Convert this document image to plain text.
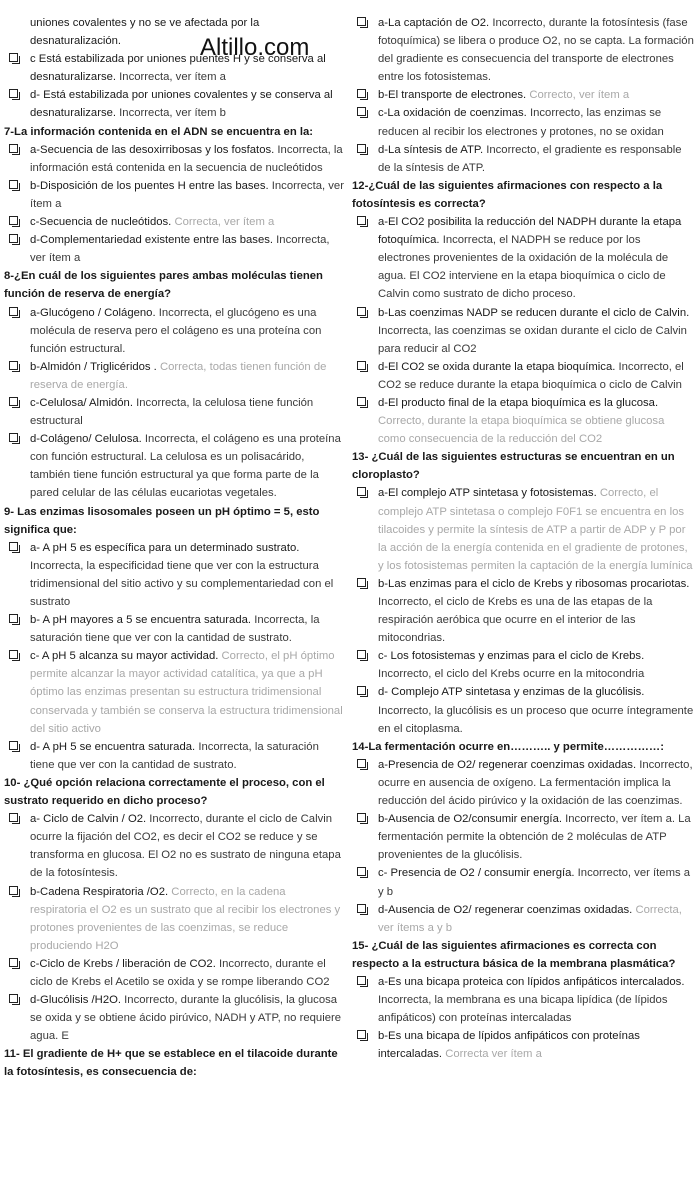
Altillo.com

uniones covalentes y no se ve afectada por la desnaturalización.

c Está estabilizada por uniones puentes H y se conserva al desnaturalizarse. Incorrecta, ver ítem a

d- Está estabilizada por uniones covalentes y se conserva al desnaturalizarse. Incorrecta, ver ítem b

7-La información contenida en el ADN se encuentra en la:

a-Secuencia de las desoxirribosas y los fosfatos. Incorrecta, la información está contenida en la secuencia de nucleótidos

b-Disposición de los puentes H entre las bases. Incorrecta, ver ítem a

c-Secuencia de nucleótidos. Correcta, ver ítem a

d-Complementariedad existente entre las bases. Incorrecta, ver ítem a

8-¿En cuál de los siguientes pares ambas moléculas tienen función de reserva de energía?

a-Glucógeno / Colágeno. Incorrecta, el glucógeno es una molécula de reserva pero el colágeno es una proteína con función estructural.

b-Almidón / Triglicéridos . Correcta, todas tienen función de reserva de energía.

c-Celulosa/ Almidón. Incorrecta, la celulosa tiene función estructural

d-Colágeno/ Celulosa. Incorrecta, el colágeno es una proteína con función estructural. La celulosa es un polisacárido, también tiene función estructural ya que forma parte de la pared celular de las células eucariotas vegetales.

9- Las enzimas lisosomales poseen un pH óptimo = 5, esto significa que:

a- A pH 5 es específica para un determinado sustrato. Incorrecta, la especificidad tiene que ver con la estructura tridimensional del sitio activo y su complementariedad con el sustrato

b- A pH mayores a 5 se encuentra saturada. Incorrecta, la saturación tiene que ver con la cantidad de sustrato.

c- A pH 5 alcanza su mayor actividad. Correcto, el pH óptimo permite alcanzar la mayor actividad catalítica, ya que a pH óptimo las enzimas presentan su estructura tridimensional conservada y también se conserva la estructura tridimensional del sitio activo

d- A pH 5 se encuentra saturada. Incorrecta, la saturación tiene que ver con la cantidad de sustrato.

10- ¿Qué opción relaciona correctamente el proceso, con el sustrato requerido en dicho proceso?

a- Ciclo de Calvin / O2. Incorrecto, durante el ciclo de Calvin ocurre la fijación del CO2, es decir el CO2 se reduce y se transforma en glucosa. El O2 no es sustrato de ninguna etapa de la fotosíntesis.

b-Cadena Respiratoria /O2. Correcto, en la cadena respiratoria el O2 es un sustrato que al recibir los electrones y protones provenientes de las coenzimas, se reduce produciendo H2O

c-Ciclo de Krebs / liberación de CO2. Incorrecto, durante el ciclo de Krebs el Acetilo se oxida y se rompe liberando CO2

d-Glucólisis /H2O. Incorrecto, durante la glucólisis, la glucosa se oxida y se obtiene ácido pirúvico, NADH y ATP, no requiere agua. E

11- El gradiente de H+ que se establece en el tilacoide durante la fotosíntesis, es consecuencia de:

a-La captación de O2. Incorrecto, durante la fotosíntesis (fase fotoquímica) se libera o produce O2, no se capta. La formación del gradiente es consecuencia del transporte de electrones entre los fotosistemas.

b-El transporte de electrones. Correcto, ver ítem a

c-La oxidación de coenzimas. Incorrecto, las enzimas se reducen al recibir los electrones y protones, no se oxidan

d-La síntesis de ATP. Incorrecto, el gradiente es responsable de la síntesis de ATP.

12-¿Cuál de las siguientes afirmaciones con respecto a la fotosíntesis es correcta?

a-El CO2 posibilita la reducción del NADPH durante la etapa fotoquímica. Incorrecta, el NADPH se reduce por los electrones provenientes de la oxidación de la molécula de agua. El CO2 interviene en la etapa bioquímica o ciclo de Calvin como sustrato de dicho proceso.

b-Las coenzimas NADP se reducen durante el ciclo de Calvin. Incorrecta, las coenzimas se oxidan durante el ciclo de Calvin para reducir al CO2

d-El CO2 se oxida durante la etapa bioquímica. Incorrecto, el CO2 se reduce durante la etapa bioquímica o ciclo de Calvin

d-El producto final de la etapa bioquímica es la glucosa. Correcto, durante la etapa bioquímica se obtiene glucosa como consecuencia de la reducción del CO2

13- ¿Cuál de las siguientes estructuras se encuentran en un cloroplasto?

a-El complejo ATP sintetasa y fotosistemas. Correcto, el complejo ATP sintetasa o complejo F0F1 se encuentra en los tilacoides y permite la síntesis de ATP a partir de ADP y P por la acción de la energía contenida en el gradiente de protones, y los fotosistemas permiten la captación de la energía lumínica

b-Las enzimas para el ciclo de Krebs y ribosomas procariotas. Incorrecto, el ciclo de Krebs es una de las etapas de la respiración aeróbica que ocurre en el interior de las mitocondrias.

c- Los fotosistemas y enzimas para el ciclo de Krebs. Incorrecto, el ciclo del Krebs ocurre en la mitocondria

d- Complejo ATP sintetasa y enzimas de la glucólisis. Incorrecto, la glucólisis es un proceso que ocurre íntegramente en el citoplasma.

14-La fermentación ocurre en……….. y permite……………:

a-Presencia de O2/ regenerar coenzimas oxidadas. Incorrecto, ocurre en ausencia de oxígeno. La fermentación implica la reducción del ácido pirúvico y la oxidación de las coenzimas.

b-Ausencia de O2/consumir energía. Incorrecto, ver ítem a. La fermentación permite la obtención de 2 moléculas de ATP provenientes de la glucólisis.

c- Presencia de O2 / consumir energía. Incorrecto, ver ítems a y b

d-Ausencia de O2/ regenerar coenzimas oxidadas. Correcta, ver ítems a y b

15- ¿Cuál de las siguientes afirmaciones es correcta con respecto a la estructura básica de la membrana plasmática?

a-Es una bicapa proteica con lípidos anfipáticos intercalados. Incorrecta, la membrana es una bicapa lipídica (de lípidos anfipáticos) con proteínas intercaladas

b-Es una bicapa de lípidos anfipáticos con proteínas intercaladas. Correcta ver ítem a
